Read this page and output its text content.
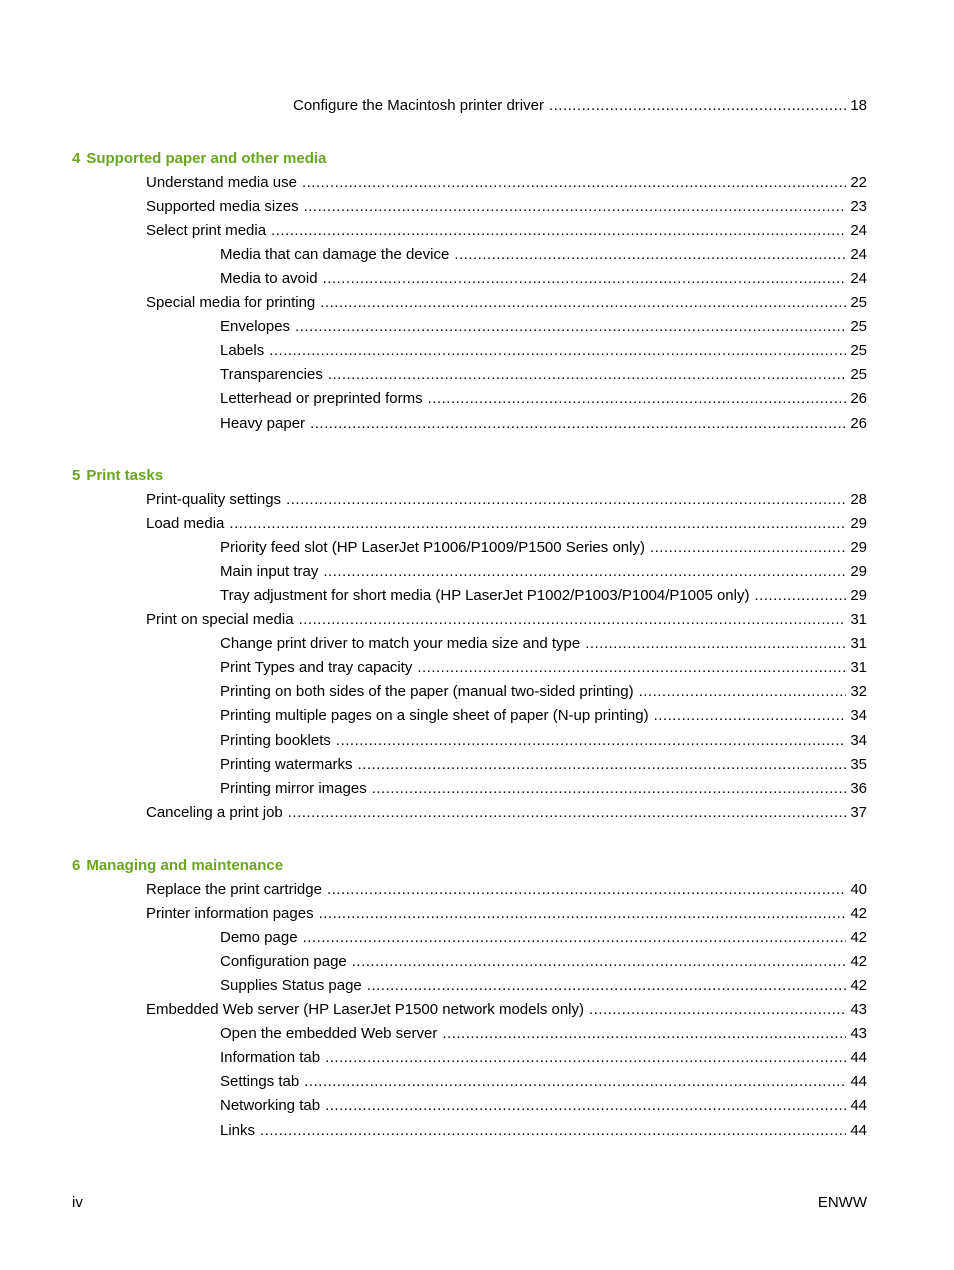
Configure the Macintosh printer driver .....	18
4 Supported paper and other media
Understand media use .....	22
Supported media sizes .....	23
Select print media .....	24
Media that can damage the device .....	24
Media to avoid .....	24
Special media for printing .....	25
Envelopes .....	25
Labels .....	25
Transparencies .....	25
Letterhead or preprinted forms .....	26
Heavy paper .....	26
5 Print tasks
Print-quality settings .....	28
Load media .....	29
Priority feed slot (HP LaserJet P1006/P1009/P1500 Series only) .....	29
Main input tray .....	29
Tray adjustment for short media (HP LaserJet P1002/P1003/P1004/P1005 only) .....	29
Print on special media .....	31
Change print driver to match your media size and type .....	31
Print Types and tray capacity .....	31
Printing on both sides of the paper (manual two-sided printing) .....	32
Printing multiple pages on a single sheet of paper (N-up printing) .....	34
Printing booklets .....	34
Printing watermarks .....	35
Printing mirror images .....	36
Canceling a print job .....	37
6 Managing and maintenance
Replace the print cartridge .....	40
Printer information pages .....	42
Demo page .....	42
Configuration page .....	42
Supplies Status page .....	42
Embedded Web server (HP LaserJet P1500 network models only) .....	43
Open the embedded Web server .....	43
Information tab .....	44
Settings tab .....	44
Networking tab .....	44
Links .....	44
iv	ENWW
